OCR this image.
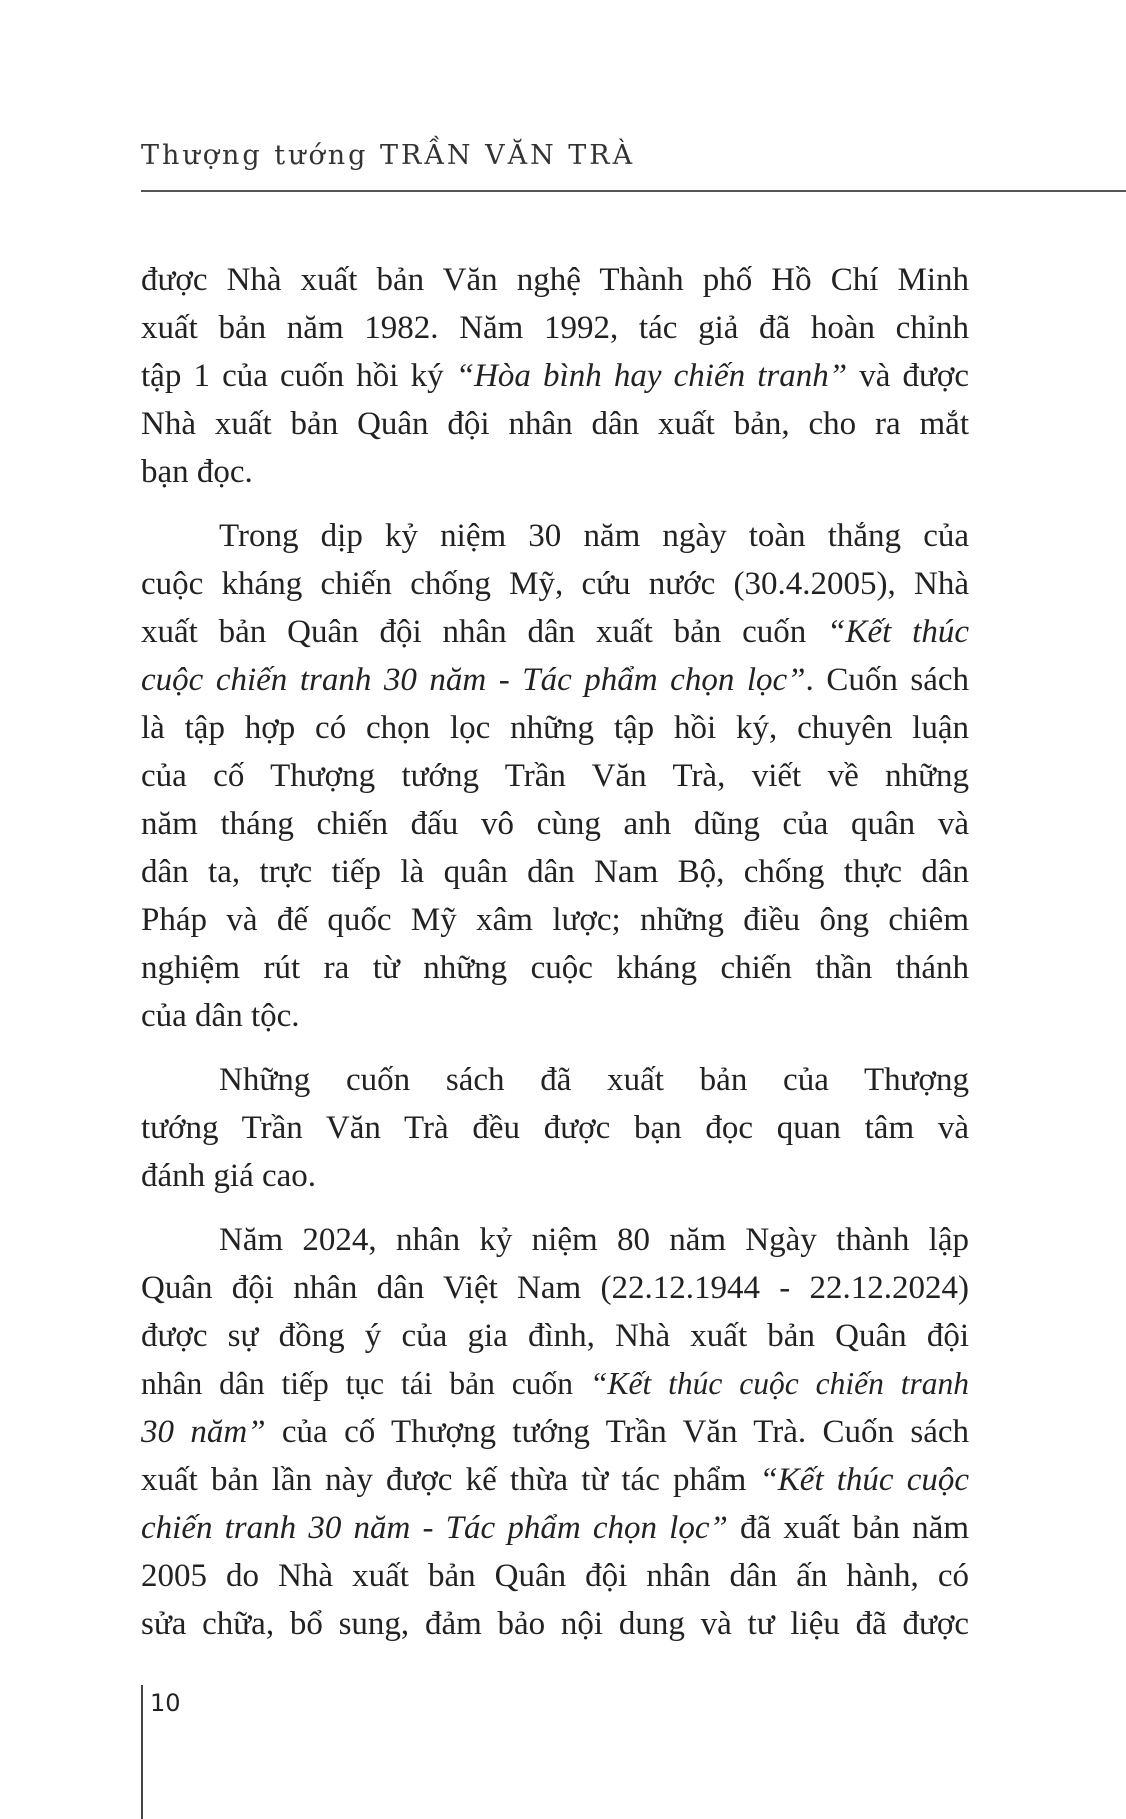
Thượng tướng TRẦN VĂN TRÀ

được Nhà xuất bản Văn nghệ Thành phố Hồ Chí Minh
xuất bản năm 1982. Năm 1992, tác giả đã hoàn chỉnh
tập 1 của cuốn hồi ký “Hòa bình hay chiến tranh” và được
Nhà xuất bản Quân đội nhân dân xuất bản, cho ra mắt
bạn đọc.

Trong dịp kỷ niệm 30 năm ngày toàn thắng của
cuộc kháng chiến chống Mỹ, cứu nước (30.4.2005), Nhà
xuất bản Quân đội nhân dân xuất bản cuốn “Kết thúc
cuộc chiến tranh 30 năm - Tác phẩm chọn lọc”. Cuốn sách
là tập hợp có chọn lọc những tập hồi ký, chuyên luận
của cố Thượng tướng Trần Văn Trà, viết về những
năm tháng chiến đấu vô cùng anh dũng của quân và
dân ta, trực tiếp là quân dân Nam Bộ, chống thực dân
Pháp và đế quốc Mỹ xâm lược; những điều ông chiêm
nghiệm rút ra từ những cuộc kháng chiến thần thánh
của dân tộc.

Những cuốn sách đã xuất bản của Thượng
tướng Trần Văn Trà đều được bạn đọc quan tâm và
đánh giá cao.

Năm 2024, nhân kỷ niệm 80 năm Ngày thành lập
Quân đội nhân dân Việt Nam (22.12.1944 - 22.12.2024)
được sự đồng ý của gia đình, Nhà xuất bản Quân đội
nhân dân tiếp tục tái bản cuốn “Kết thúc cuộc chiến tranh
30 năm” của cố Thượng tướng Trần Văn Trà. Cuốn sách
xuất bản lần này được kế thừa từ tác phẩm “Kết thúc cuộc
chiến tranh 30 năm - Tác phẩm chọn lọc” đã xuất bản năm
2005 do Nhà xuất bản Quân đội nhân dân ấn hành, có
sửa chữa, bổ sung, đảm bảo nội dung và tư liệu đã được

10
